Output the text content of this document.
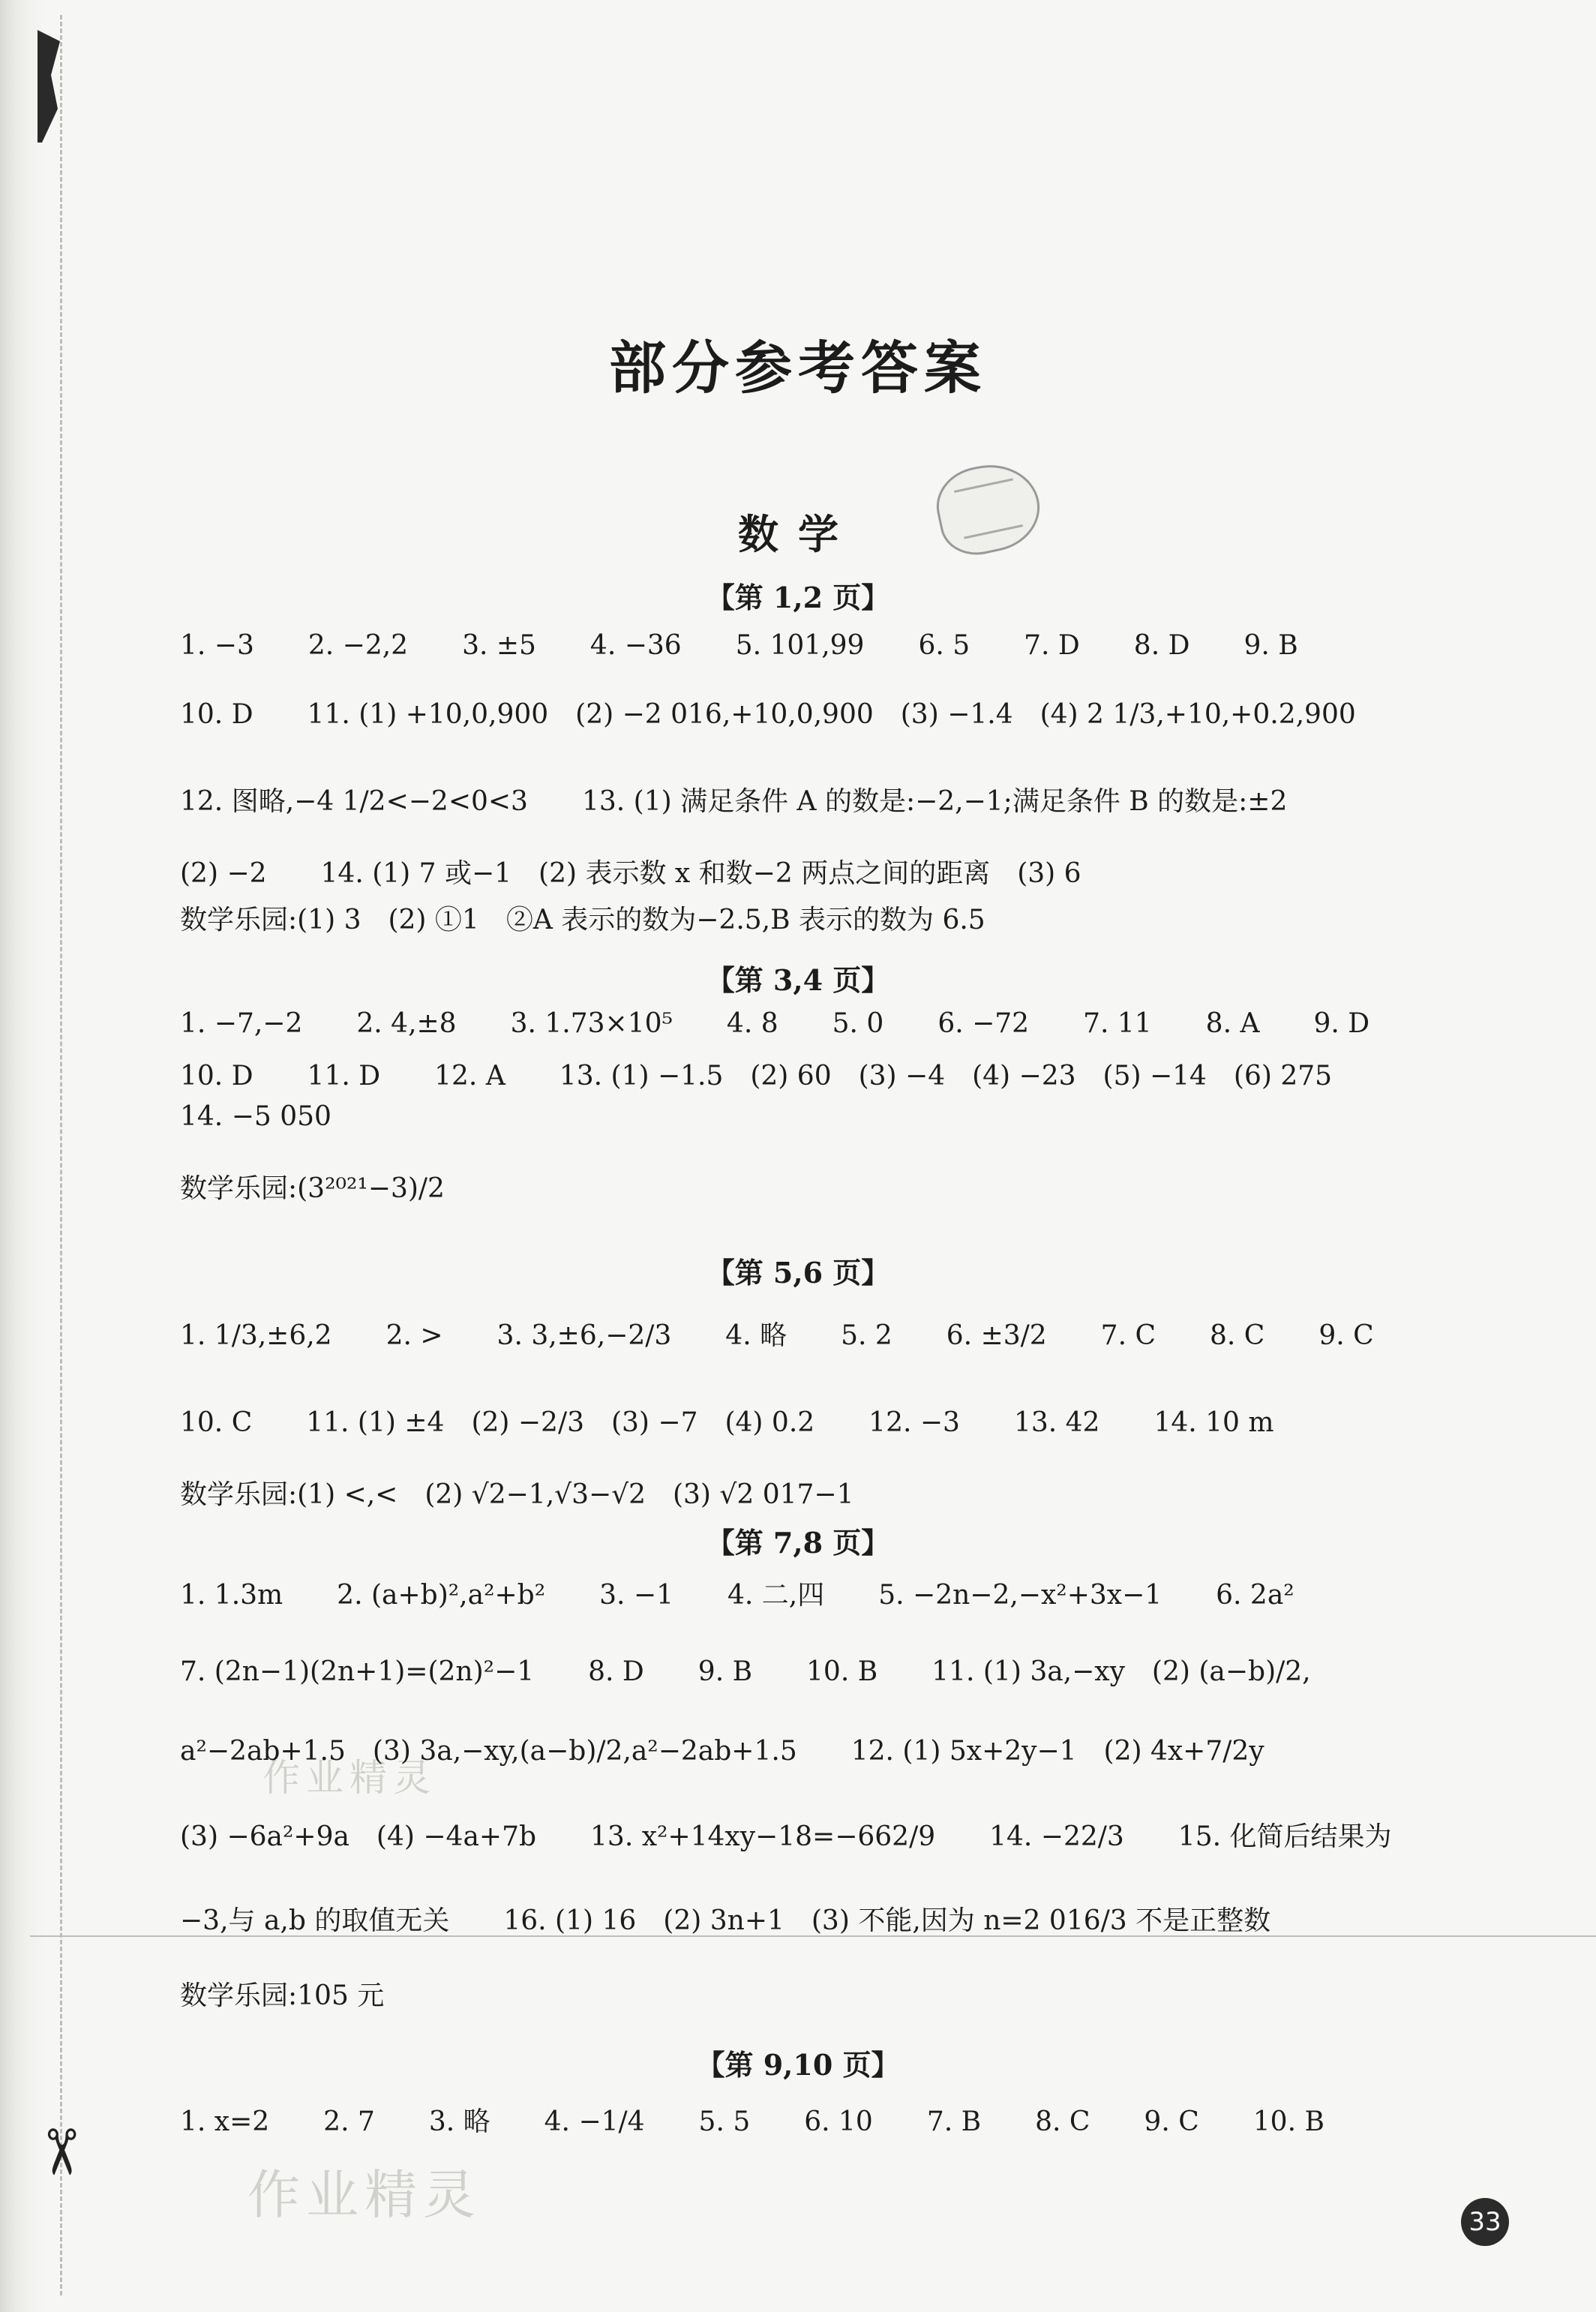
✂
作业精灵
作业精灵
部分参考答案
数学
【第 1,2 页】
1. −3　　2. −2,2　　3. ±5　　4. −36　　5. 101,99　　6. 5　　7. D　　8. D　　9. B
10. D　　11. (1) +10,0,900　(2) −2 016,+10,0,900　(3) −1.4　(4) 2 1/3,+10,+0.2,900
12. 图略,−4 1/2<−2<0<3　　13. (1) 满足条件 A 的数是:−2,−1;满足条件 B 的数是:±2
(2) −2　　14. (1) 7 或−1　(2) 表示数 x 和数−2 两点之间的距离　(3) 6
数学乐园:(1) 3　(2) ①1　②A 表示的数为−2.5,B 表示的数为 6.5
【第 3,4 页】
1. −7,−2　　2. 4,±8　　3. 1.73×10⁵　　4. 8　　5. 0　　6. −72　　7. 11　　8. A　　9. D
10. D　　11. D　　12. A　　13. (1) −1.5　(2) 60　(3) −4　(4) −23　(5) −14　(6) 275
14. −5 050
数学乐园:(3²⁰²¹−3)/2
【第 5,6 页】
1. 1/3,±6,2　　2. >　　3. 3,±6,−2/3　　4. 略　　5. 2　　6. ±3/2　　7. C　　8. C　　9. C
10. C　　11. (1) ±4　(2) −2/3　(3) −7　(4) 0.2　　12. −3　　13. 42　　14. 10 m
数学乐园:(1) <,<　(2) √2−1,√3−√2　(3) √2 017−1
【第 7,8 页】
1. 1.3m　　2. (a+b)²,a²+b²　　3. −1　　4. 二,四　　5. −2n−2,−x²+3x−1　　6. 2a²
7. (2n−1)(2n+1)=(2n)²−1　　8. D　　9. B　　10. B　　11. (1) 3a,−xy　(2) (a−b)/2,
a²−2ab+1.5　(3) 3a,−xy,(a−b)/2,a²−2ab+1.5　　12. (1) 5x+2y−1　(2) 4x+7/2y
(3) −6a²+9a　(4) −4a+7b　　13. x²+14xy−18=−662/9　　14. −22/3　　15. 化简后结果为
−3,与 a,b 的取值无关　　16. (1) 16　(2) 3n+1　(3) 不能,因为 n=2 016/3 不是正整数
数学乐园:105 元
【第 9,10 页】
1. x=2　　2. 7　　3. 略　　4. −1/4　　5. 5　　6. 10　　7. B　　8. C　　9. C　　10. B
33
